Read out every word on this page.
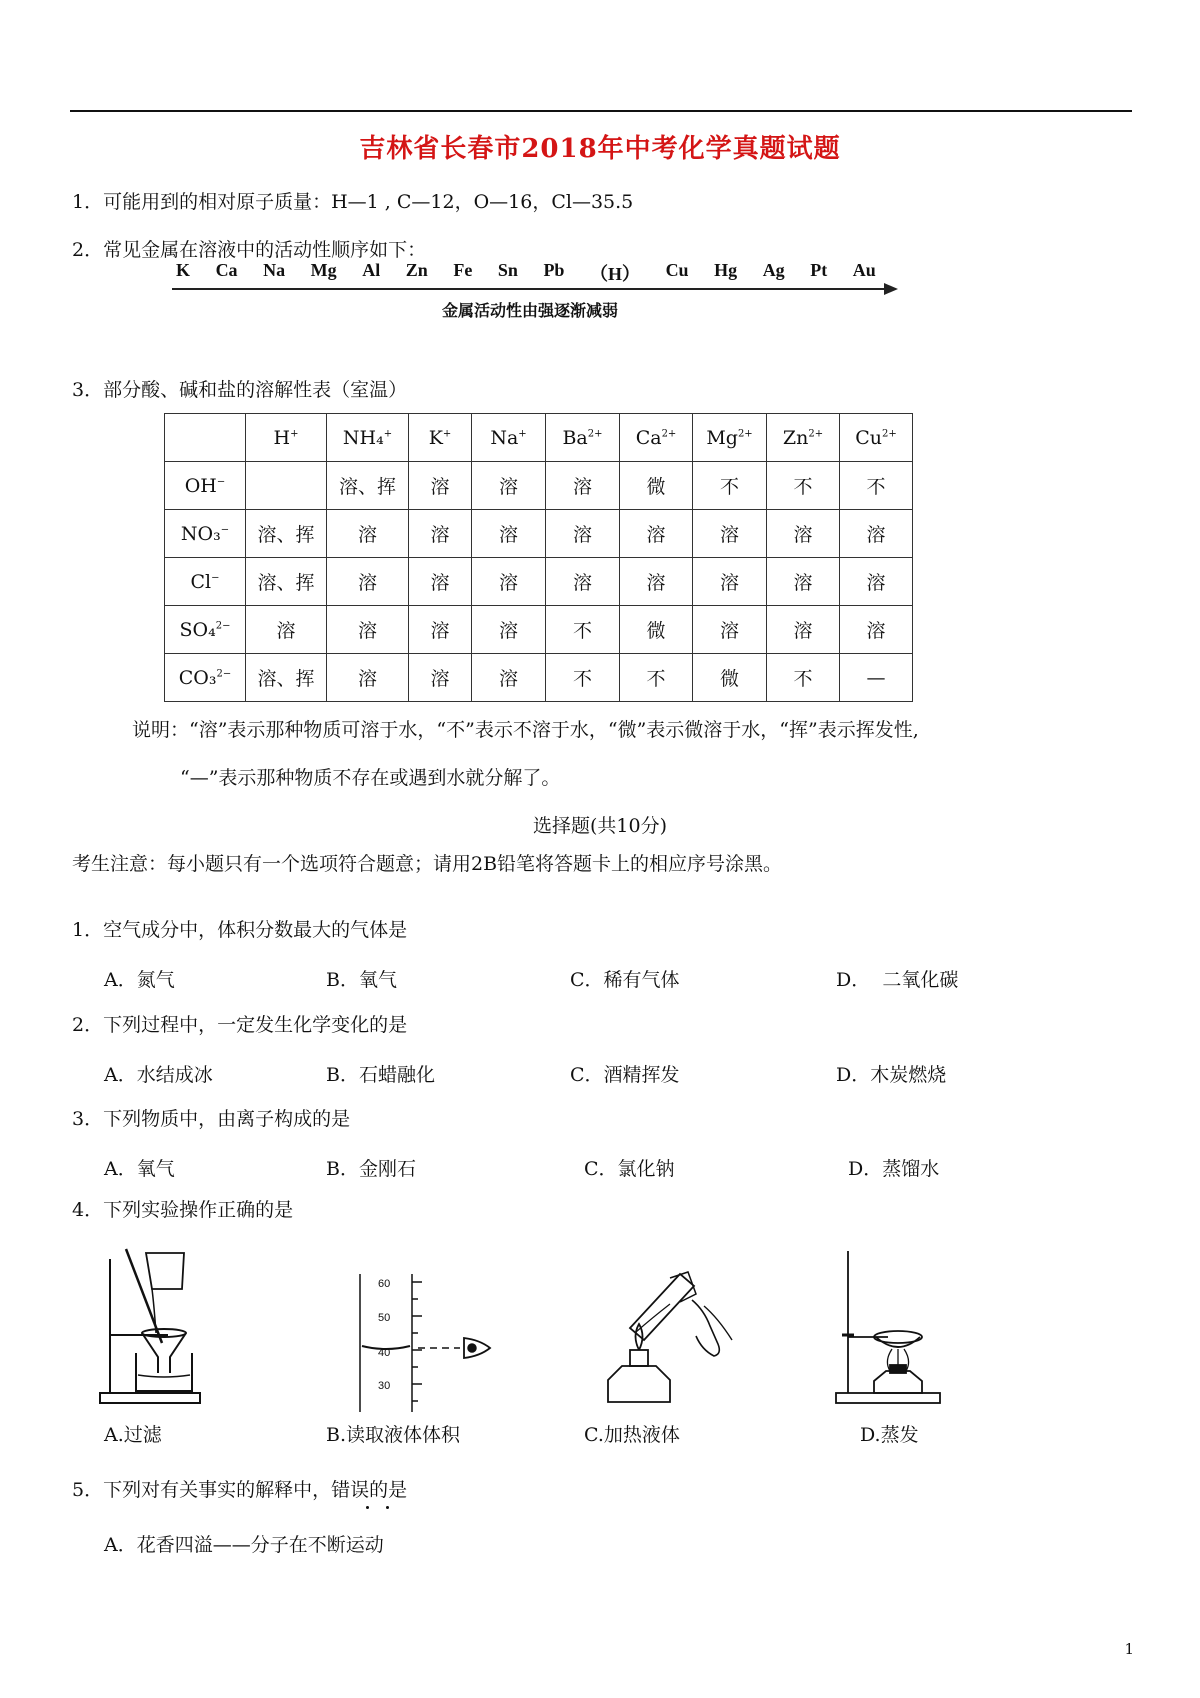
吉林省长春市2018年中考化学真题试题
1．可能用到的相对原子质量：H—1 , C—12，O—16，Cl—35.5
2．常见金属在溶液中的活动性顺序如下：
K Ca Na Mg Al Zn Fe Sn Pb （H） Cu Hg Ag Pt Au
金属活动性由强逐渐减弱
3．部分酸、碱和盐的溶解性表（室温）
	H+	NH₄+	K+	Na+	$Ba^{2+}$	$Ca^{2+}$	$Mg^{2+}$	$Zn^{2+}$	$Cu^{2+}$
OH−		溶、挥	溶	溶	溶	微	不	不	不
NO₃−	溶、挥	溶	溶	溶	溶	溶	溶	溶	溶
Cl−	溶、挥	溶	溶	溶	溶	溶	溶	溶	溶
SO₄$^{2-}$	溶	溶	溶	溶	不	微	溶	溶	溶
CO₃$^{2-}$	溶、挥	溶	溶	溶	不	不	微	不	—
说明：“溶”表示那种物质可溶于水，“不”表示不溶于水，“微”表示微溶于水，“挥”表示挥发性,
“—”表示那种物质不存在或遇到水就分解了。
选择题(共10分)
考生注意：每小题只有一个选项符合题意；请用2B铅笔将答题卡上的相应序号涂黑。
1．空气成分中，体积分数最大的气体是
A．氮气	B．氧气	C．稀有气体	D．  二氧化碳
2．下列过程中，一定发生化学变化的是
A．水结成冰	B．石蜡融化	C．酒精挥发	D．木炭燃烧
3．下列物质中，由离子构成的是
A．氧气	B．金刚石	C．氯化钠	D．蒸馏水
4．下列实验操作正确的是
60
50
40
30
A.过滤	B.读取液体体积	C.加热液体	D.蒸发
5．下列对有关事实的解释中，错误的是
A．花香四溢——分子在不断运动
1
